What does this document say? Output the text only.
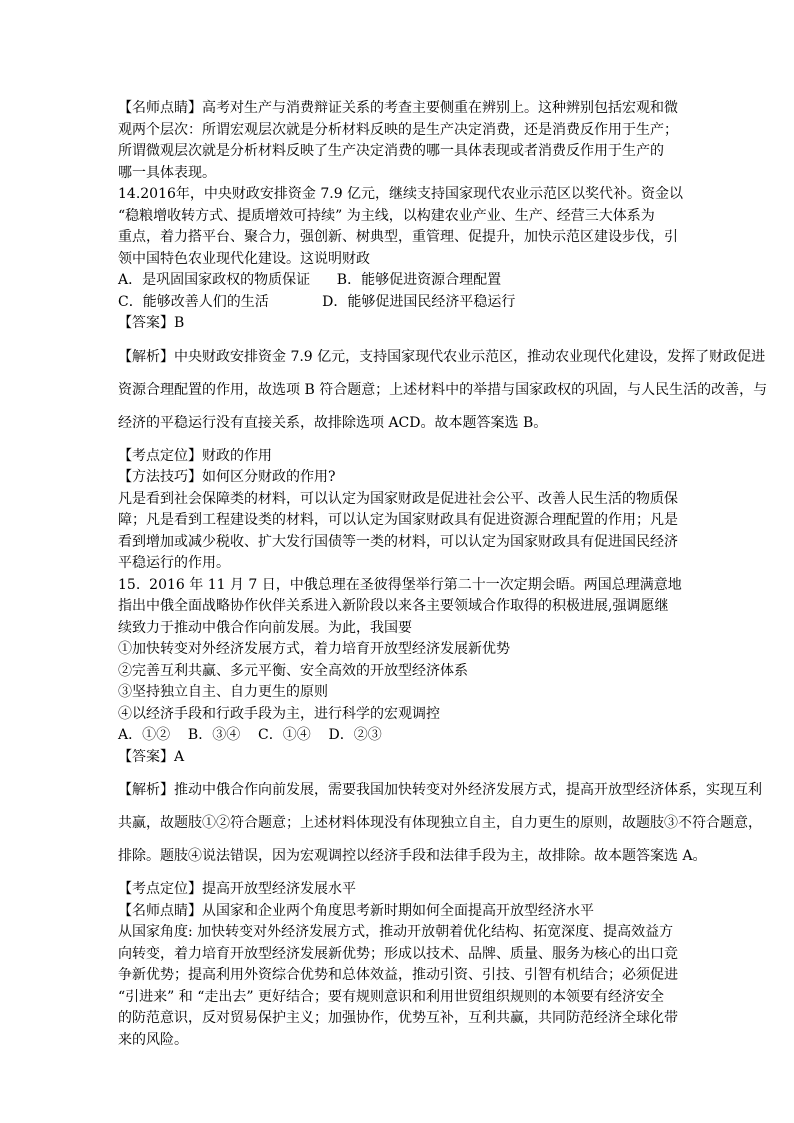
【名师点睛】高考对生产与消费辩证关系的考查主要侧重在辨别上。这种辨别包括宏观和微
观两个层次：所谓宏观层次就是分析材料反映的是生产决定消费，还是消费反作用于生产；
所谓微观层次就是分析材料反映了生产决定消费的哪一具体表现或者消费反作用于生产的
哪一具体表现。
14.2016年，中央财政安排资金 7.9 亿元，继续支持国家现代农业示范区以奖代补。资金以
“稳粮增收转方式、提质增效可持续” 为主线，以构建农业产业、生产、经营三大体系为
重点，着力搭平台、聚合力，强创新、树典型，重管理、促提升，加快示范区建设步伐，引
领中国特色农业现代化建设。这说明财政
A．是巩固国家政权的物质保证      B．能够促进资源合理配置
C．能够改善人们的生活            D．能够促进国民经济平稳运行
【答案】B
【解析】中央财政安排资金 7.9 亿元，支持国家现代农业示范区，推动农业现代化建设，发挥了财政促进
资源合理配置的作用，故选项 B 符合题意；上述材料中的举措与国家政权的巩固，与人民生活的改善，与
经济的平稳运行没有直接关系，故排除选项 ACD。故本题答案选 B。
【考点定位】财政的作用
【方法技巧】如何区分财政的作用?
凡是看到社会保障类的材料，可以认定为国家财政是促进社会公平、改善人民生活的物质保
障；凡是看到工程建设类的材料，可以认定为国家财政具有促进资源合理配置的作用；凡是
看到增加或减少税收、扩大发行国债等一类的材料，可以认定为国家财政具有促进国民经济
平稳运行的作用。
15.  2016 年 11 月 7 日，中俄总理在圣彼得堡举行第二十一次定期会晤。两国总理满意地
指出中俄全面战略协作伙伴关系进入新阶段以来各主要领域合作取得的积极进展,强调愿继
续致力于推动中俄合作向前发展。为此，我国要
①加快转变对外经济发展方式，着力培育开放型经济发展新优势
②完善互利共赢、多元平衡、安全高效的开放型经济体系
③坚持独立自主、自力更生的原则
④以经济手段和行政手段为主，进行科学的宏观调控
A．①②    B．③④    C．①④    D．②③
【答案】A
【解析】推动中俄合作向前发展，需要我国加快转变对外经济发展方式，提高开放型经济体系，实现互利
共赢，故题肢①②符合题意；上述材料体现没有体现独立自主，自力更生的原则，故题肢③不符合题意，
排除。题肢④说法错误，因为宏观调控以经济手段和法律手段为主，故排除。故本题答案选 A。
【考点定位】提高开放型经济发展水平
【名师点睛】从国家和企业两个角度思考新时期如何全面提高开放型经济水平
从国家角度: 加快转变对外经济发展方式，推动开放朝着优化结构、拓宽深度、提高效益方
向转变，着力培育开放型经济发展新优势；形成以技术、品牌、质量、服务为核心的出口竞
争新优势；提高利用外资综合优势和总体效益，推动引资、引技、引智有机结合；必须促进
“引进来” 和 “走出去” 更好结合；要有规则意识和利用世贸组织规则的本领要有经济安全
的防范意识，反对贸易保护主义；加强协作，优势互补，互利共赢，共同防范经济全球化带
来的风险。
